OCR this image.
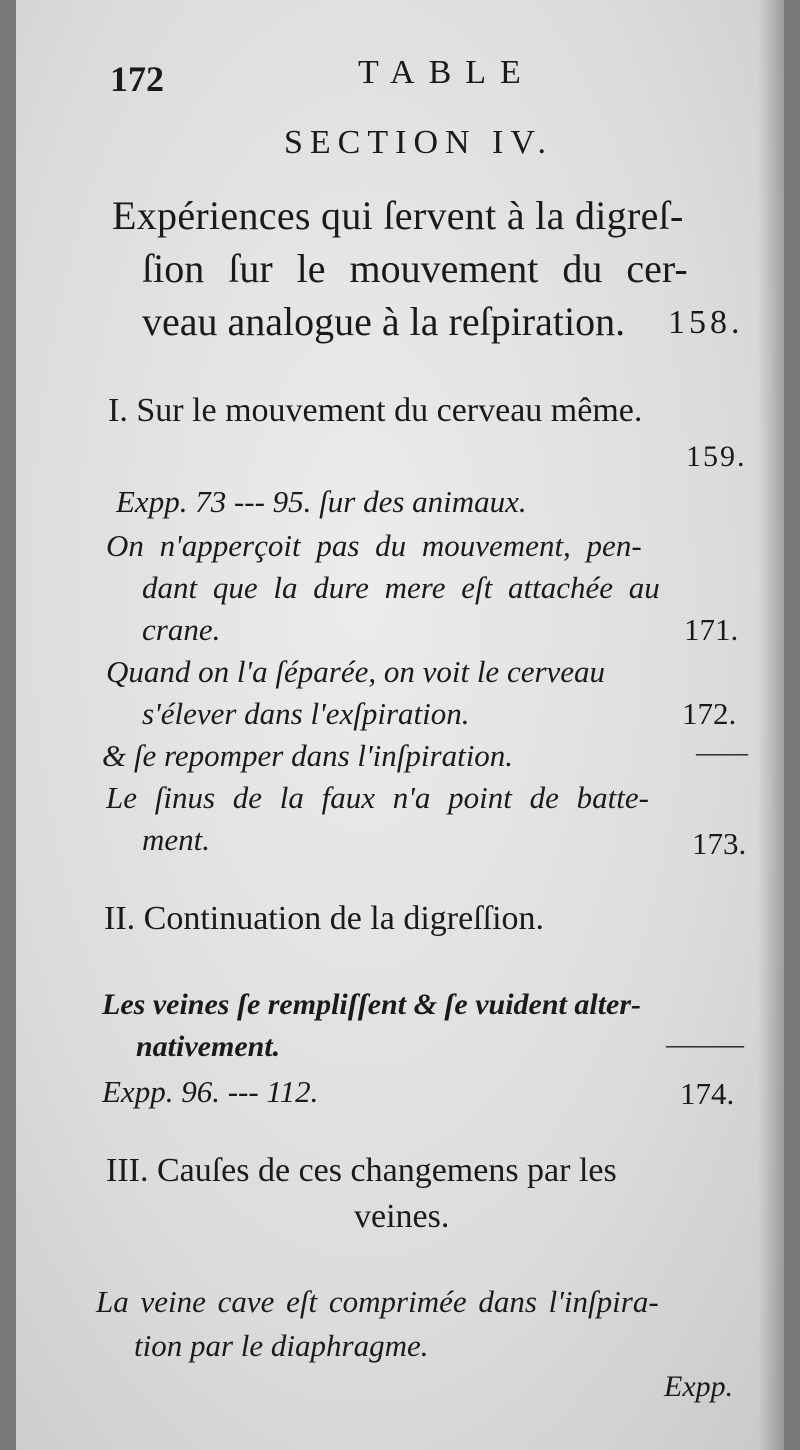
172	TABLE
SECTION IV.
Expériences qui ſervent à la digreſ-
ſion ſur le mouvement du cer-
veau analogue à la reſpiration. 158.
I. Sur le mouvement du cerveau même.
159.
Expp. 73 --- 95. ſur des animaux.
On n'apperçoit pas du mouvement, pen-
dant que la dure mere eſt attachée au
crane.	171.
Quand on l'a ſéparée, on voit le cerveau
s'élever dans l'exſpiration.	172.
& ſe repomper dans l'inſpiration.	——
Le ſinus de la faux n'a point de batte-
ment.	173.
II. Continuation de la digreſſion.
Les veines ſe rempliſſent & ſe vuident alter-
nativement.	———
Expp. 96. --- 112.	174.
III. Cauſes de ces changemens par les
veines.
La veine cave eſt comprimée dans l'inſpira-
tion par le diaphragme.
Expp.
